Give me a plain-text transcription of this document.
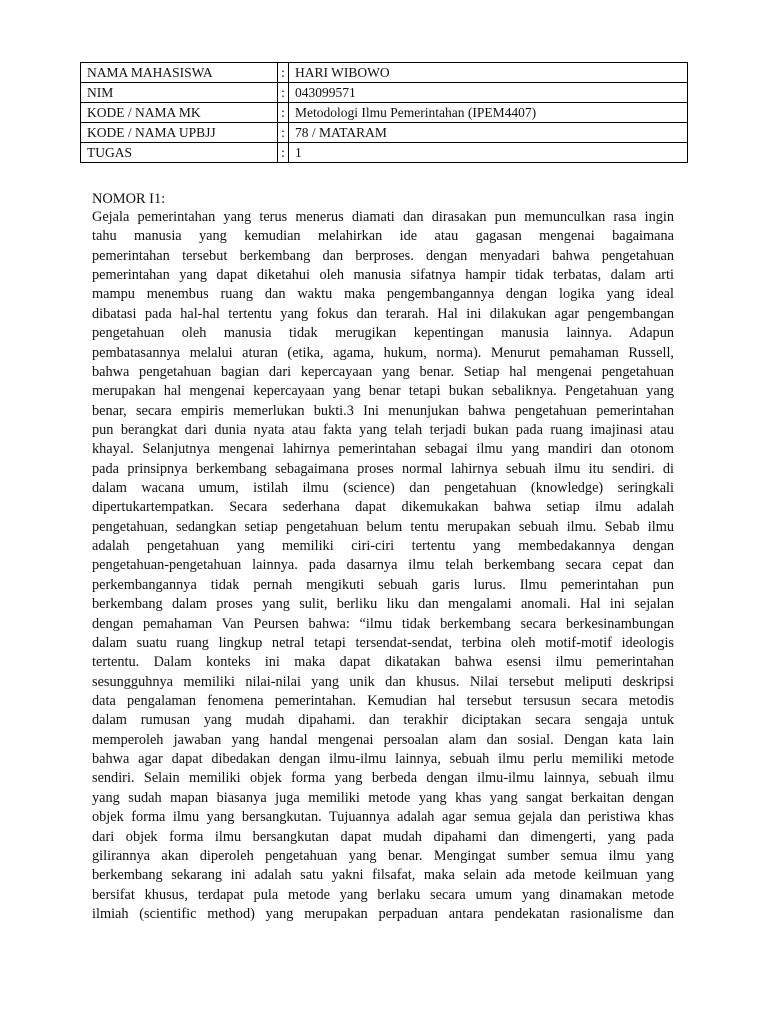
NAMA MAHASISWA	:	HARI WIBOWO
NIM	:	043099571
KODE / NAMA MK	:	Metodologi Ilmu Pemerintahan (IPEM4407)
KODE / NAMA UPBJJ	:	78 / MATARAM
TUGAS	:	1
NOMOR I1:
Gejala pemerintahan yang terus menerus diamati dan dirasakan pun memunculkan rasa ingin
tahu manusia yang kemudian melahirkan ide atau gagasan mengenai bagaimana
pemerintahan tersebut berkembang dan berproses. dengan menyadari bahwa pengetahuan
pemerintahan yang dapat diketahui oleh manusia sifatnya hampir tidak terbatas, dalam arti
mampu menembus ruang dan waktu maka pengembangannya dengan logika yang ideal
dibatasi pada hal-hal tertentu yang fokus dan terarah. Hal ini dilakukan agar pengembangan
pengetahuan oleh manusia tidak merugikan kepentingan manusia lainnya. Adapun
pembatasannya melalui aturan (etika, agama, hukum, norma). Menurut pemahaman Russell,
bahwa pengetahuan bagian dari kepercayaan yang benar. Setiap hal mengenai pengetahuan
merupakan hal mengenai kepercayaan yang benar tetapi bukan sebaliknya. Pengetahuan yang
benar, secara empiris memerlukan bukti.3 Ini menunjukan bahwa pengetahuan pemerintahan
pun berangkat dari dunia nyata atau fakta yang telah terjadi bukan pada ruang imajinasi atau
khayal. Selanjutnya mengenai lahirnya pemerintahan sebagai ilmu yang mandiri dan otonom
pada prinsipnya berkembang sebagaimana proses normal lahirnya sebuah ilmu itu sendiri. di
dalam wacana umum, istilah ilmu (science) dan pengetahuan (knowledge) seringkali
dipertukartempatkan. Secara sederhana dapat dikemukakan bahwa setiap ilmu adalah
pengetahuan, sedangkan setiap pengetahuan belum tentu merupakan sebuah ilmu. Sebab ilmu
adalah pengetahuan yang memiliki ciri-ciri tertentu yang membedakannya dengan
pengetahuan-pengetahuan lainnya. pada dasarnya ilmu telah berkembang secara cepat dan
perkembangannya tidak pernah mengikuti sebuah garis lurus. Ilmu pemerintahan pun
berkembang dalam proses yang sulit, berliku liku dan mengalami anomali. Hal ini sejalan
dengan pemahaman Van Peursen bahwa: “ilmu tidak berkembang secara berkesinambungan
dalam suatu ruang lingkup netral tetapi tersendat-sendat, terbina oleh motif-motif ideologis
tertentu. Dalam konteks ini maka dapat dikatakan bahwa esensi ilmu pemerintahan
sesungguhnya memiliki nilai-nilai yang unik dan khusus. Nilai tersebut meliputi deskripsi
data pengalaman fenomena pemerintahan. Kemudian hal tersebut tersusun secara metodis
dalam rumusan yang mudah dipahami. dan terakhir diciptakan secara sengaja untuk
memperoleh jawaban yang handal mengenai persoalan alam dan sosial. Dengan kata lain
bahwa agar dapat dibedakan dengan ilmu-ilmu lainnya, sebuah ilmu perlu memiliki metode
sendiri. Selain memiliki objek forma yang berbeda dengan ilmu-ilmu lainnya, sebuah ilmu
yang sudah mapan biasanya juga memiliki metode yang khas yang sangat berkaitan dengan
objek forma ilmu yang bersangkutan. Tujuannya adalah agar semua gejala dan peristiwa khas
dari objek forma ilmu bersangkutan dapat mudah dipahami dan dimengerti, yang pada
gilirannya akan diperoleh pengetahuan yang benar. Mengingat sumber semua ilmu yang
berkembang sekarang ini adalah satu yakni filsafat, maka selain ada metode keilmuan yang
bersifat khusus, terdapat pula metode yang berlaku secara umum yang dinamakan metode
ilmiah (scientific method) yang merupakan perpaduan antara pendekatan rasionalisme dan
